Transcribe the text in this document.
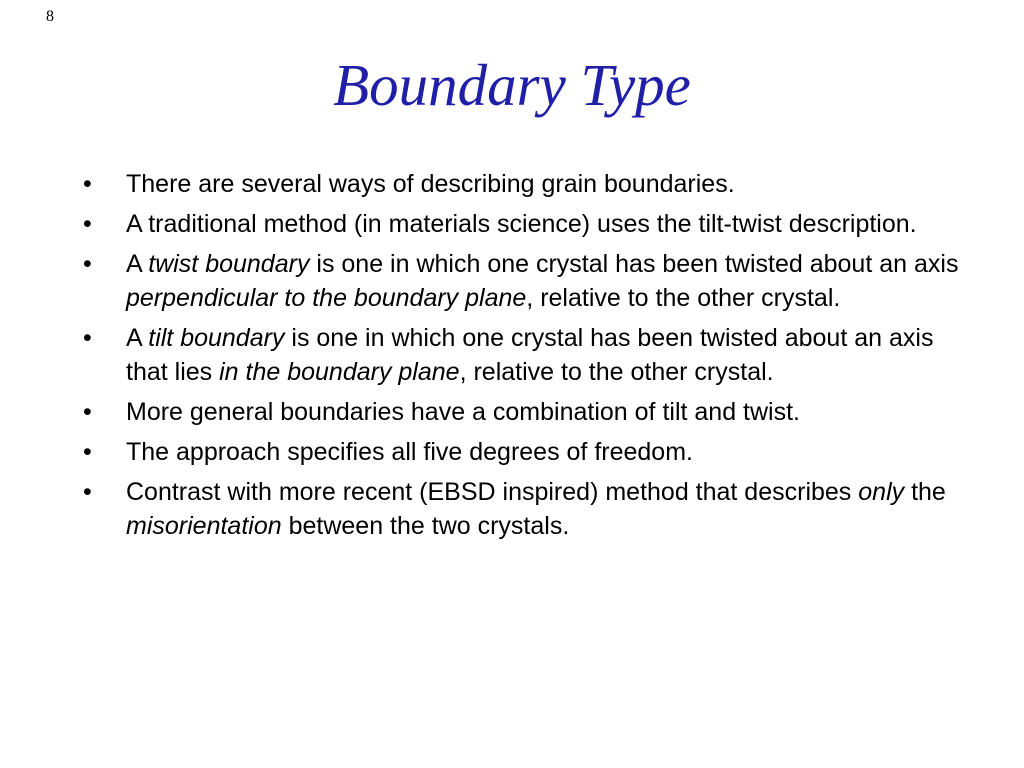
8
Boundary Type
•	There are several ways of describing grain boundaries.
•	A traditional method (in materials science) uses the tilt-twist description.
•	A twist boundary is one in which one crystal has been twisted about an axis perpendicular to the boundary plane, relative to the other crystal.
•	A tilt boundary is one in which one crystal has been twisted about an axis that lies in the boundary plane, relative to the other crystal.
•	More general boundaries have a combination of tilt and twist.
•	The approach specifies all five degrees of freedom.
•	Contrast with more recent (EBSD inspired) method that describes only the misorientation between the two crystals.
